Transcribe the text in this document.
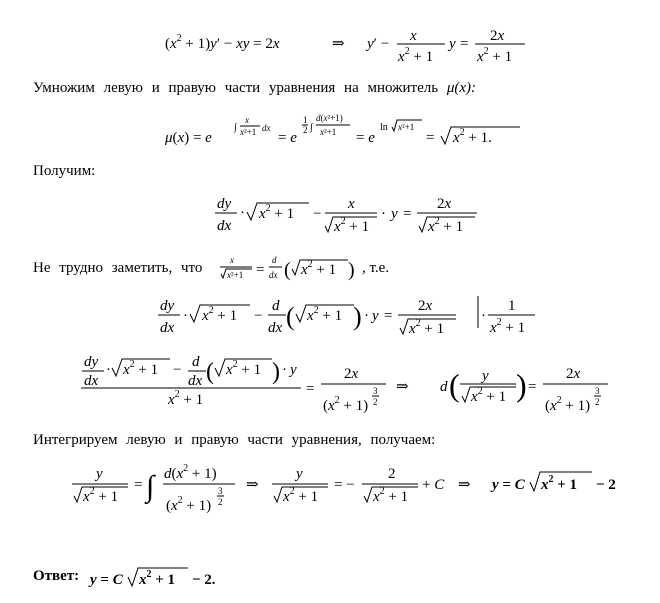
$(x^2 + 1)y'$ − xy = 2x	⇒ y′ − x
$x^2 + 1$
y = 2x
$x^2 + 1$
Умножим левую и правую части уравнения на множитель μ(x):
μ(x) = e
∫
x
x²+1 dx
= e
1
2 ∫
d(x²+1)
x²+1 = e
ln x²+1
= $x^2 + 1$.
Получим:
dy
dx
· $x^2 + 1$ −
x
$x^2 + 1$
· y =
2x
$x^2 + 1$
Не трудно заметить, что	x
x²+1 =
d
dx ( $x^2 + 1$ ) , т.е.
dy
dx
· $x^2 + 1$ −
d
dx ( $x^2 + 1$ ) · y =
2x
$x^2 + 1$
·
1
$x^2 + 1$
dy
dx
· $x^2 + 1 - d$
dx ( $x^2 + 1$ ) · y
$x^2 + 1$
=
2x
$(x^2 + 1)$
3
2
⇒ d ( y
$x^2 + 1$ ) =
2x
$(x^2 + 1)$
3
2
Интегрируем левую и правую части уравнения, получаем:
y
$x^2 + 1$
= ∫ $d(x^2 + 1)$
$(x^2 + 1)$
3
2
⇒
y
$x^2 + 1$
= −
2
$x^2 + 1$
+ C ⇒ y = C $x^2 + 1 - 2$
Ответ: y = C $x^2 + 1 - 2$.
